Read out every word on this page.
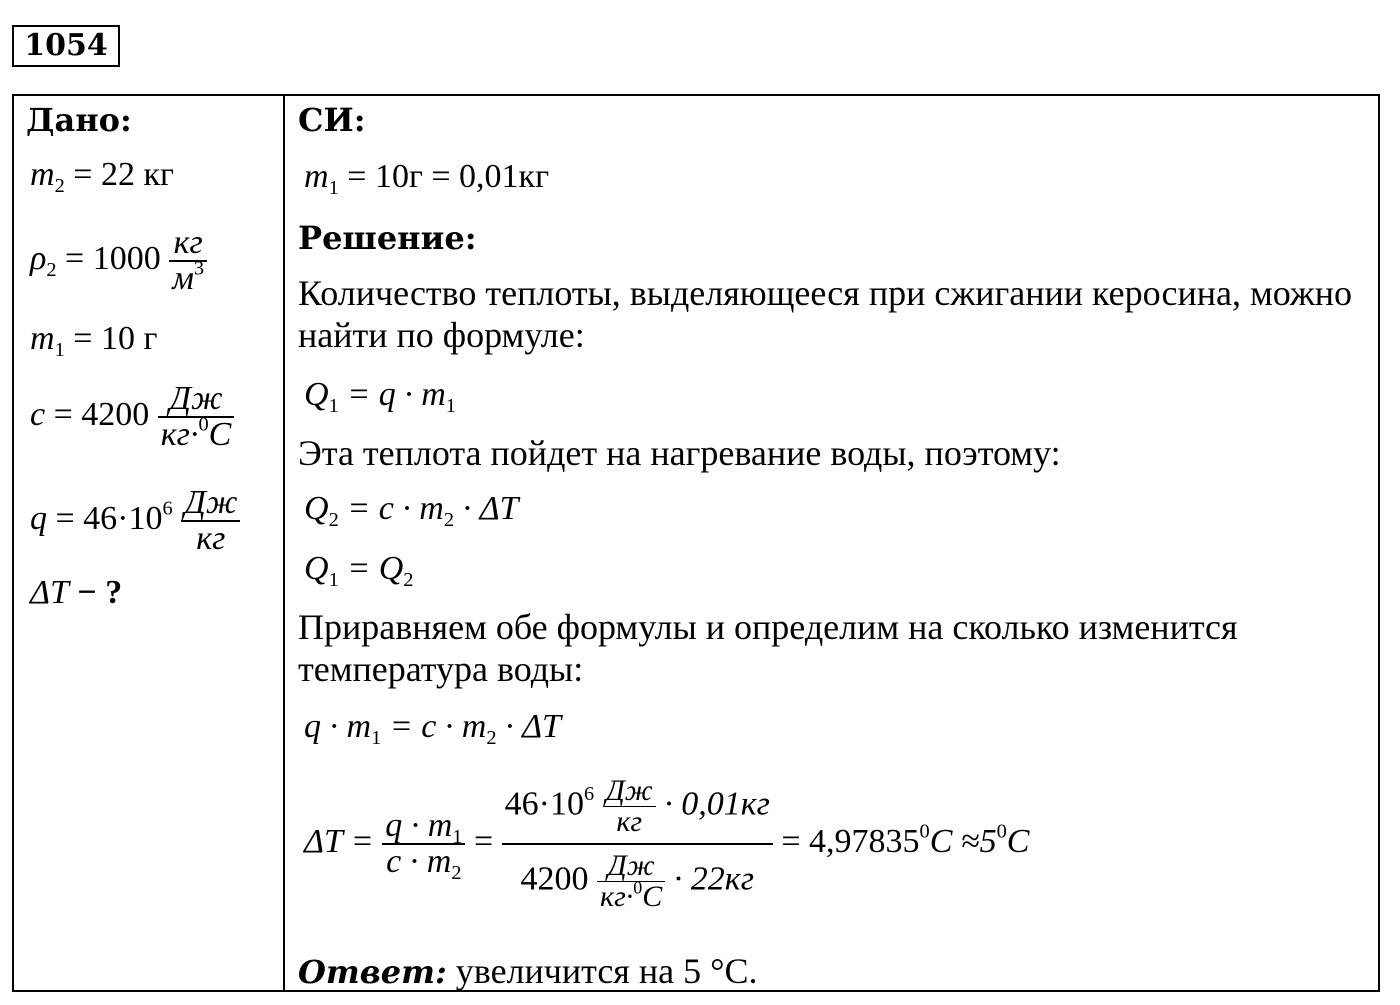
1054
Дано:
$m_2 = 22$ кг
$\rho_2 = 1000 \frac{кг}{м^3}$
$m_1 = 10$ г
$c = 4200 \frac{Дж}{кг\cdot^0C}$
$q = 46\cdot 10^6 \frac{Дж}{кг}$
ΔT − ?
СИ:
$m_1 = 10г = 0,01кг$
Решение:
Количество теплоты, выделяющееся при сжигании керосина, можно найти по формуле:
$Q_1 = q \cdot m_1$
Эта теплота пойдет на нагревание воды, поэтому:
$Q_2 = c \cdot m_2 \cdot \Delta T$
$Q_1 = Q_2$
Приравняем обе формулы и определим на сколько изменится температура воды:
$q \cdot m_1 = c \cdot m_2 \cdot \Delta T$
$\Delta T = \frac{q \cdot m_1}{c \cdot m_2} = \frac{46\cdot 10^6 \frac{Дж}{кг} \cdot 0,01кг}{4200 \frac{Дж}{кг\cdot^0C} \cdot 22кг} = 4,97835^0C \approx 5^0C$
Ответ: увеличится на 5 °С.
